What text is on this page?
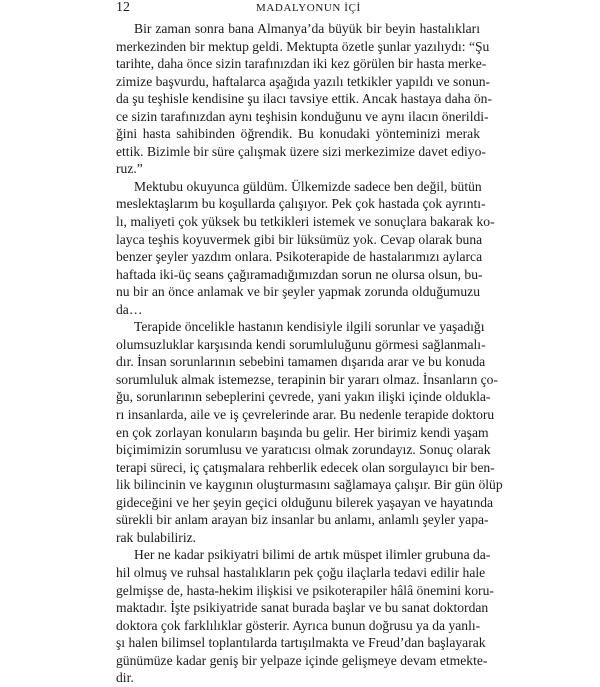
12	MADALYONUN İÇİ
Bir zaman sonra bana Almanya’da büyük bir beyin hastalıkları
merkezinden bir mektup geldi. Mektupta özetle şunlar yazılıydı: “Şu
tarihte, daha önce sizin tarafınızdan iki kez görülen bir hasta merke-
zimize başvurdu, haftalarca aşağıda yazılı tetkikler yapıldı ve sonun-
da şu teşhisle kendisine şu ilacı tavsiye ettik. Ancak hastaya daha ön-
ce sizin tarafınızdan aynı teşhisin konduğunu ve aynı ilacın önerildi-
ğini hasta sahibinden öğrendik. Bu konudaki yönteminizi merak
ettik. Bizimle bir süre çalışmak üzere sizi merkezimize davet ediyo-
ruz.”
Mektubu okuyunca güldüm. Ülkemizde sadece ben değil, bütün
meslektaşlarım bu koşullarda çalışıyor. Pek çok hastada çok ayrıntı-
lı, maliyeti çok yüksek bu tetkikleri istemek ve sonuçlara bakarak ko-
layca teşhis koyuvermek gibi bir lüksümüz yok. Cevap olarak buna
benzer şeyler yazdım onlara. Psikoterapide de hastalarımızı aylarca
haftada iki-üç seans çağıramadığımızdan sorun ne olursa olsun, bu-
nu bir an önce anlamak ve bir şeyler yapmak zorunda olduğumuzu
da…
Terapide öncelikle hastanın kendisiyle ilgili sorunlar ve yaşadığı
olumsuzluklar karşısında kendi sorumluluğunu görmesi sağlanmalı-
dır. İnsan sorunlarının sebebini tamamen dışarıda arar ve bu konuda
sorumluluk almak istemezse, terapinin bir yararı olmaz. İnsanların ço-
ğu, sorunlarının sebeplerini çevrede, yani yakın ilişki içinde oldukla-
rı insanlarda, aile ve iş çevrelerinde arar. Bu nedenle terapide doktoru
en çok zorlayan konuların başında bu gelir. Her birimiz kendi yaşam
biçimimizin sorumlusu ve yaratıcısı olmak zorundayız. Sonuç olarak
terapi süreci, iç çatışmalara rehberlik edecek olan sorgulayıcı bir ben-
lik bilincinin ve kaygının oluşturmasını sağlamaya çalışır. Bir gün ölüp
gideceğini ve her şeyin geçici olduğunu bilerek yaşayan ve hayatında
sürekli bir anlam arayan biz insanlar bu anlamı, anlamlı şeyler yapa-
rak bulabiliriz.
Her ne kadar psikiyatri bilimi de artık müspet ilimler grubuna da-
hil olmuş ve ruhsal hastalıkların pek çoğu ilaçlarla tedavi edilir hale
gelmişse de, hasta-hekim ilişkisi ve psikoterapiler hâlâ önemini koru-
maktadır. İşte psikiyatride sanat burada başlar ve bu sanat doktordan
doktora çok farklılıklar gösterir. Ayrıca bunun doğrusu ya da yanlı-
şı halen bilimsel toplantılarda tartışılmakta ve Freud’dan başlayarak
günümüze kadar geniş bir yelpaze içinde gelişmeye devam etmekte-
dir.
